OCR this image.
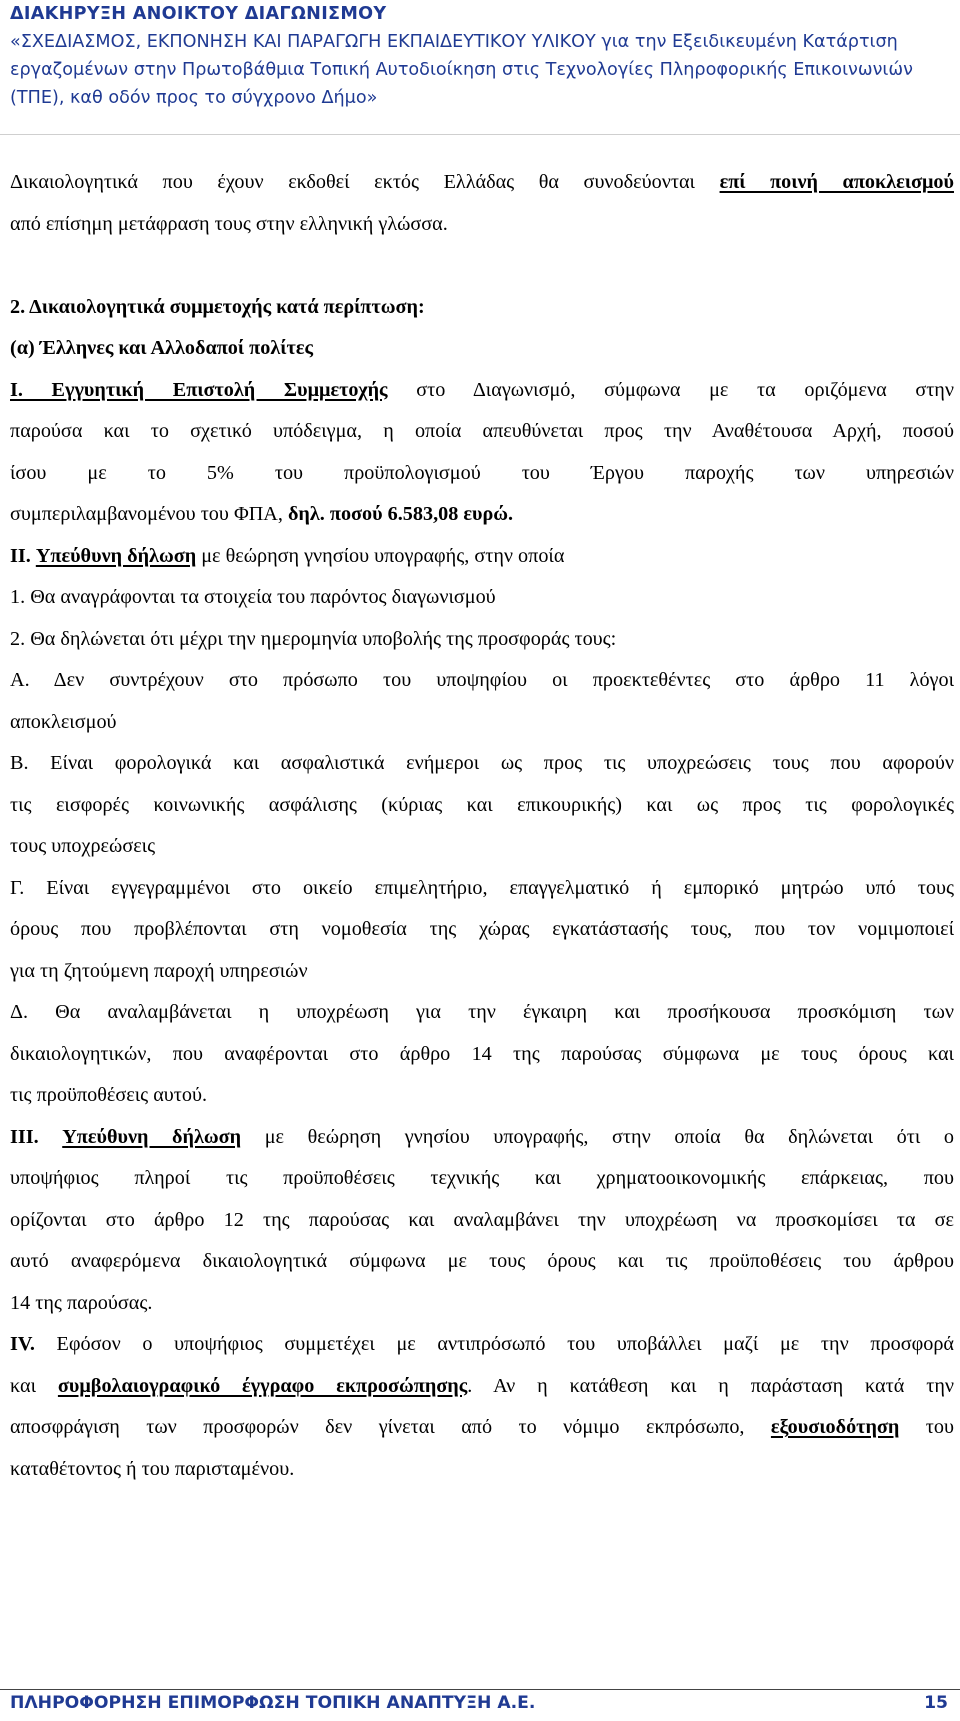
ΔΙΑΚΗΡΥΞΗ ΑΝΟΙΚΤΟΥ ΔΙΑΓΩΝΙΣΜΟΥ
«ΣΧΕΔΙΑΣΜΟΣ, ΕΚΠΟΝΗΣΗ ΚΑΙ ΠΑΡΑΓΩΓΗ ΕΚΠΑΙΔΕΥΤΙΚΟΥ ΥΛΙΚΟΥ για την Εξειδικευμένη Κατάρτιση
εργαζομένων στην Πρωτοβάθμια Τοπική Αυτοδιοίκηση στις Τεχνολογίες Πληροφορικής Επικοινωνιών
(ΤΠΕ), καθ οδόν προς το σύγχρονο Δήμο»

Δικαιολογητικά που έχουν εκδοθεί εκτός Ελλάδας θα συνοδεύονται επί ποινή αποκλεισμού

από επίσημη μετάφραση τους στην ελληνική γλώσσα.

2. Δικαιολογητικά συμμετοχής κατά περίπτωση:

(α) Έλληνες και Αλλοδαποί πολίτες

I. Εγγυητική Επιστολή Συμμετοχής στο Διαγωνισμό, σύμφωνα με τα οριζόμενα στην

παρούσα και το σχετικό υπόδειγμα, η οποία απευθύνεται προς την Αναθέτουσα Αρχή, ποσού

ίσου με το 5% του προϋπολογισμού του Έργου παροχής των υπηρεσιών

συμπεριλαμβανομένου του ΦΠΑ, δηλ. ποσού 6.583,08 ευρώ.

II. Υπεύθυνη δήλωση με θεώρηση γνησίου υπογραφής, στην οποία

1. Θα αναγράφονται τα στοιχεία του παρόντος διαγωνισμού

2. Θα δηλώνεται ότι μέχρι την ημερομηνία υποβολής της προσφοράς τους:

Α. Δεν συντρέχουν στο πρόσωπο του υποψηφίου οι προεκτεθέντες στο άρθρο 11 λόγοι

αποκλεισμού

Β. Είναι φορολογικά και ασφαλιστικά ενήμεροι ως προς τις υποχρεώσεις τους που αφορούν

τις εισφορές κοινωνικής ασφάλισης (κύριας και επικουρικής) και ως προς τις φορολογικές

τους υποχρεώσεις

Γ. Είναι εγγεγραμμένοι στο οικείο επιμελητήριο, επαγγελματικό ή εμπορικό μητρώο υπό τους

όρους που προβλέπονται στη νομοθεσία της χώρας εγκατάστασής τους, που τον νομιμοποιεί

για τη ζητούμενη παροχή υπηρεσιών

Δ. Θα αναλαμβάνεται η υποχρέωση για την έγκαιρη και προσήκουσα προσκόμιση των

δικαιολογητικών, που αναφέρονται στο άρθρο 14 της παρούσας σύμφωνα με τους όρους και

τις προϋποθέσεις αυτού.

III. Υπεύθυνη δήλωση με θεώρηση γνησίου υπογραφής, στην οποία θα δηλώνεται ότι ο

υποψήφιος πληροί τις προϋποθέσεις τεχνικής και χρηματοοικονομικής επάρκειας, που

ορίζονται στο άρθρο 12 της παρούσας και αναλαμβάνει την υποχρέωση να προσκομίσει τα σε

αυτό αναφερόμενα δικαιολογητικά σύμφωνα με τους όρους και τις προϋποθέσεις του άρθρου

14 της παρούσας.

IV. Εφόσον ο υποψήφιος συμμετέχει με αντιπρόσωπό του υποβάλλει μαζί με την προσφορά

και συμβολαιογραφικό έγγραφο εκπροσώπησης. Αν η κατάθεση και η παράσταση κατά την

αποσφράγιση των προσφορών δεν γίνεται από το νόμιμο εκπρόσωπο, εξουσιοδότηση του

καταθέτοντος ή του παρισταμένου.

ΠΛΗΡΟΦΟΡΗΣΗ ΕΠΙΜΟΡΦΩΣΗ ΤΟΠΙΚΗ ΑΝΑΠΤΥΞΗ Α.Ε.	15
